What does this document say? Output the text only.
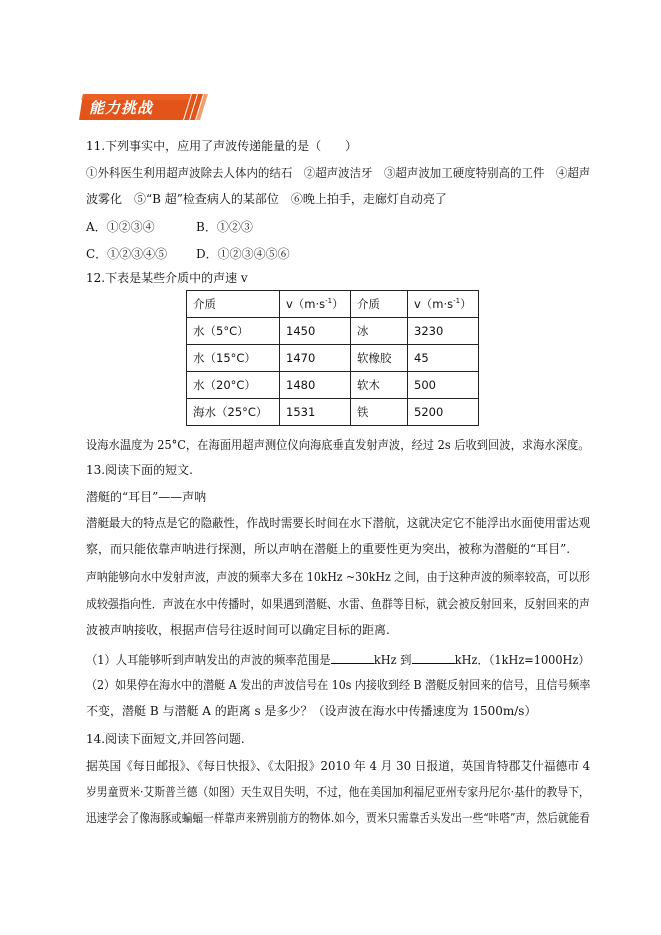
能力挑战
11.下列事实中，应用了声波传递能量的是（　　）
①外科医生利用超声波除去人体内的结石　②超声波洁牙　③超声波加工硬度特别高的工件　④超声
波雾化　⑤“B 超”检查病人的某部位　⑥晚上拍手，走廊灯自动亮了
A．①②③④	B．①②③
C．①②③④⑤ D．①②③④⑤⑥
12.下表是某些介质中的声速 v
介质	$v(m\cdot s^{-1})$	介质	$v(m\cdot s^{-1})$
水（5°C）	1450	冰	3230
水（15°C）	1470	软橡胶	45
水（20°C）	1480	软木	500
海水（25°C）	1531	铁	5200
设海水温度为 25°C，在海面用超声测位仪向海底垂直发射声波，经过 2s 后收到回波，求海水深度。
13.阅读下面的短文.
潜艇的“耳目”——声呐
潜艇最大的特点是它的隐蔽性，作战时需要长时间在水下潜航，这就决定它不能浮出水面使用雷达观
察，而只能依靠声呐进行探测，所以声呐在潜艇上的重要性更为突出，被称为潜艇的“耳目”.
声呐能够向水中发射声波，声波的频率大多在 10kHz ~30kHz 之间，由于这种声波的频率较高，可以形
成较强指向性．声波在水中传播时，如果遇到潜艇、水雷、鱼群等目标，就会被反射回来，反射回来的声
波被声呐接收，根据声信号往返时间可以确定目标的距离.
（1）人耳能够听到声呐发出的声波的频率范围是	kHz 到	kHz．（1kHz=1000Hz）
（2）如果停在海水中的潜艇 A 发出的声波信号在 10s 内接收到经 B 潜艇反射回来的信号，且信号频率
不变，潜艇 B 与潜艇 A 的距离 s 是多少？（设声波在海水中传播速度为 1500m/s）
14.阅读下面短文,并回答问题.
据英国《每日邮报》、《每日快报》、《太阳报》2010 年 4 月 30 日报道，英国肯特郡艾什福德市 4
岁男童贾米·艾斯普兰德（如图）天生双目失明，不过，他在美国加利福尼亚州专家丹尼尔·基什的教导下，
迅速学会了像海豚或蝙蝠一样靠声来辨别前方的物体.如今，贾米只需靠舌头发出一些“咔嗒”声，然后就能看
